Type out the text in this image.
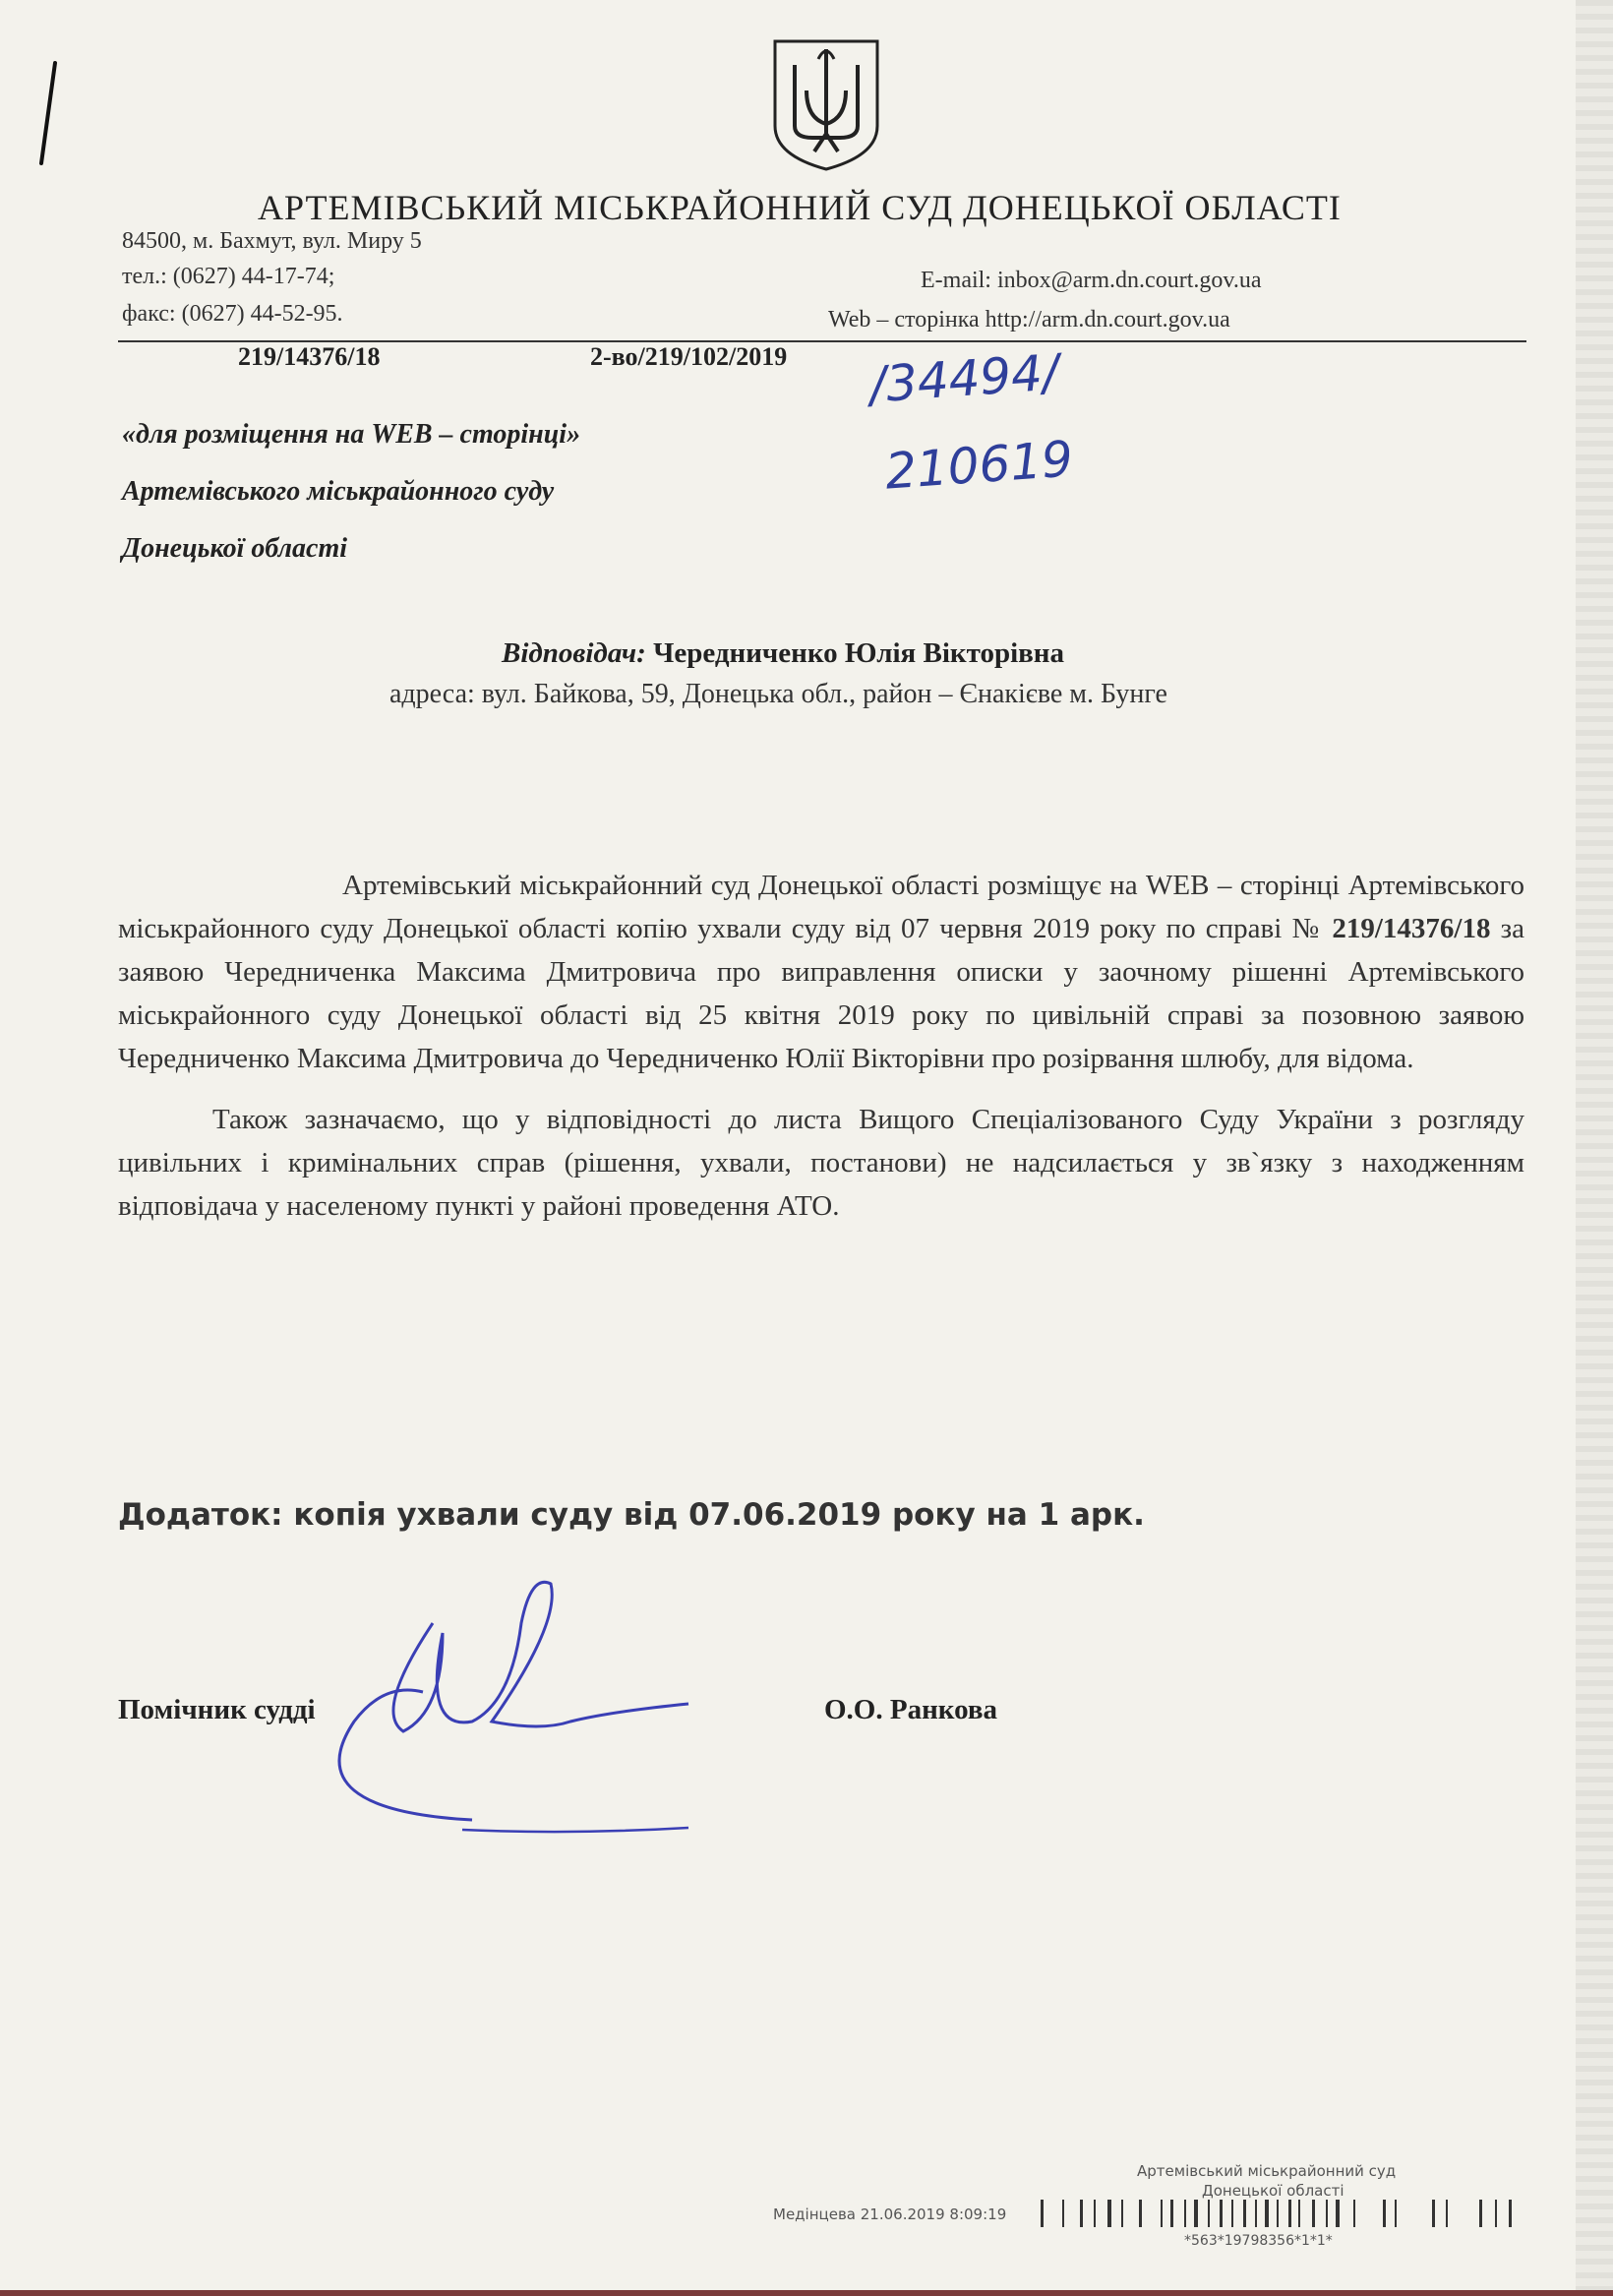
АРТЕМІВСЬКИЙ МІСЬКРАЙОННИЙ СУД ДОНЕЦЬКОЇ ОБЛАСТІ
84500, м. Бахмут, вул. Миру 5
тел.: (0627) 44-17-74;
факс: (0627) 44-52-95.
E-mail: inbox@arm.dn.court.gov.ua
Web – сторінка http://arm.dn.court.gov.ua
219/14376/18	2-во/219/102/2019 /34494/
210619
«для розміщення на WEB – сторінці»
Артемівського міськрайонного суду
Донецької області
Відповідач: Чередниченко Юлія Вікторівна
адреса: вул. Байкова, 59, Донецька обл., район – Єнакієве м. Бунге

Артемівський міськрайонний суд Донецької області розміщує на WEB – сторінці Артемівського міськрайонного суду Донецької області копію ухвали суду від 07 червня 2019 року по справі № 219/14376/18 за заявою Чередниченка Максима Дмитровича про виправлення описки у заочному рішенні Артемівського міськрайонного суду Донецької області від 25 квітня 2019 року по цивільній справі за позовною заявою Чередниченко Максима Дмитровича до Чередниченко Юлії Вікторівни про розірвання шлюбу, для відома.

Також зазначаємо, що у відповідності до листа Вищого Спеціалізованого Суду України з розгляду цивільних і кримінальних справ (рішення, ухвали, постанови) не надсилається у зв`язку з находженням відповідача у населеному пункті у районі проведення АТО.

Додаток: копія ухвали суду від 07.06.2019 року на 1 арк.
Помічник судді	О.О. Ранкова
Артемівський міськрайонний суд
Донецької області
Медінцева 21.06.2019 8:09:19
*563*19798356*1*1*
